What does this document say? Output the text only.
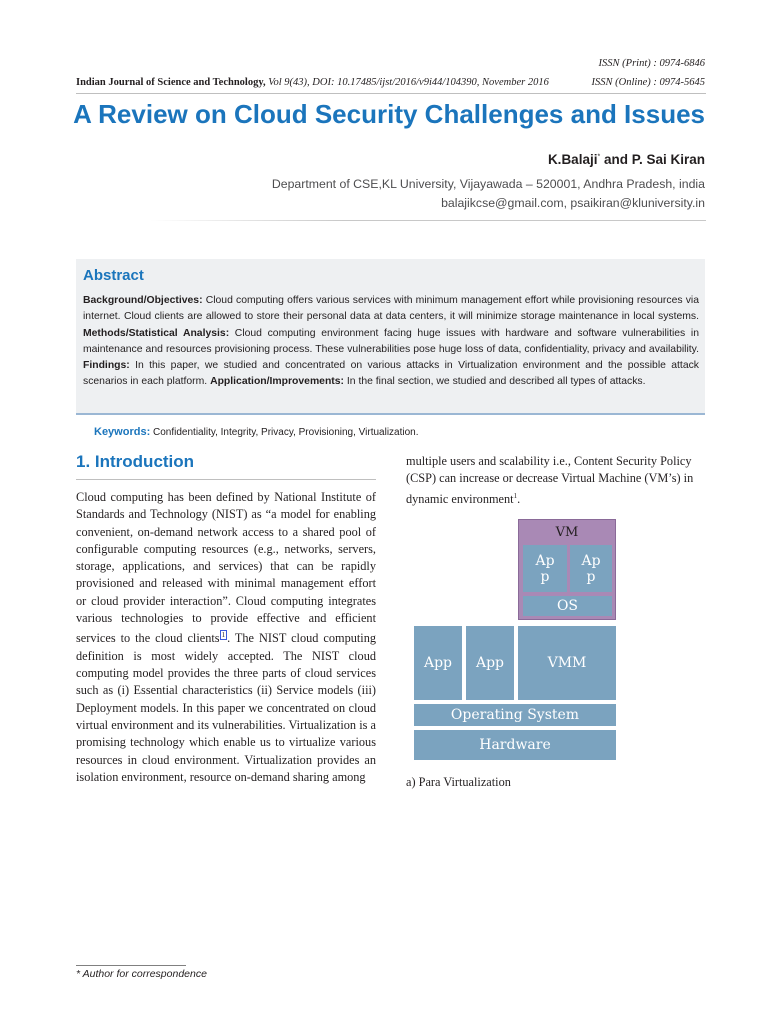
ISSN (Print) : 0974-6846
Indian Journal of Science and Technology, Vol 9(43), DOI: 10.17485/ijst/2016/v9i44/104390, November 2016	ISSN (Online) : 0974-5645
A Review on Cloud Security Challenges and Issues
K.Balaji* and P. Sai Kiran
Department of CSE,KL University, Vijayawada – 520001, Andhra Pradesh, india
balajikcse@gmail.com, psaikiran@kluniversity.in
Abstract

Background/Objectives: Cloud computing offers various services with minimum management effort while provisioning resources via internet. Cloud clients are allowed to store their personal data at data centers, it will minimize storage maintenance in local systems. Methods/Statistical Analysis: Cloud computing environment facing huge issues with hardware and software vulnerabilities in maintenance and resources provisioning process. These vulnerabilities pose huge loss of data, confidentiality, privacy and availability. Findings: In this paper, we studied and concentrated on various attacks in Virtualization environment and the possible attack scenarios in each platform. Application/Improvements: In the final section, we studied and described all types of attacks.

Keywords: Confidentiality, Integrity, Privacy, Provisioning, Virtualization.
1. Introduction

Cloud computing has been defined by National Institute of Standards and Technology (NIST) as “a model for enabling convenient, on-demand network access to a shared pool of configurable computing resources (e.g., networks, servers, storage, applications, and services) that can be rapidly provisioned and released with minimal management effort or cloud provider interaction”. Cloud computing integrates various technologies to provide effective and efficient services to the cloud clients $^1$ . The NIST cloud computing definition is most widely accepted. The NIST cloud computing model provides the three parts of cloud services such as (i) Essential characteristics (ii) Service models (iii) Deployment models. In this paper we concentrated on cloud virtual environment and its vulnerabilities. Virtualization is a promising technology which enable us to virtualize various resources in cloud environment. Virtualization provides an isolation environment, resource on-demand sharing among

multiple users and scalability i.e., Content Security Policy (CSP) can increase or decrease Virtual Machine (VM’s) in dynamic environment$^1$.

VM
Ap
p
Ap
p
OS
App	App	VMM
Operating System
Hardware
a) Para Virtualization
* Author for correspondence
